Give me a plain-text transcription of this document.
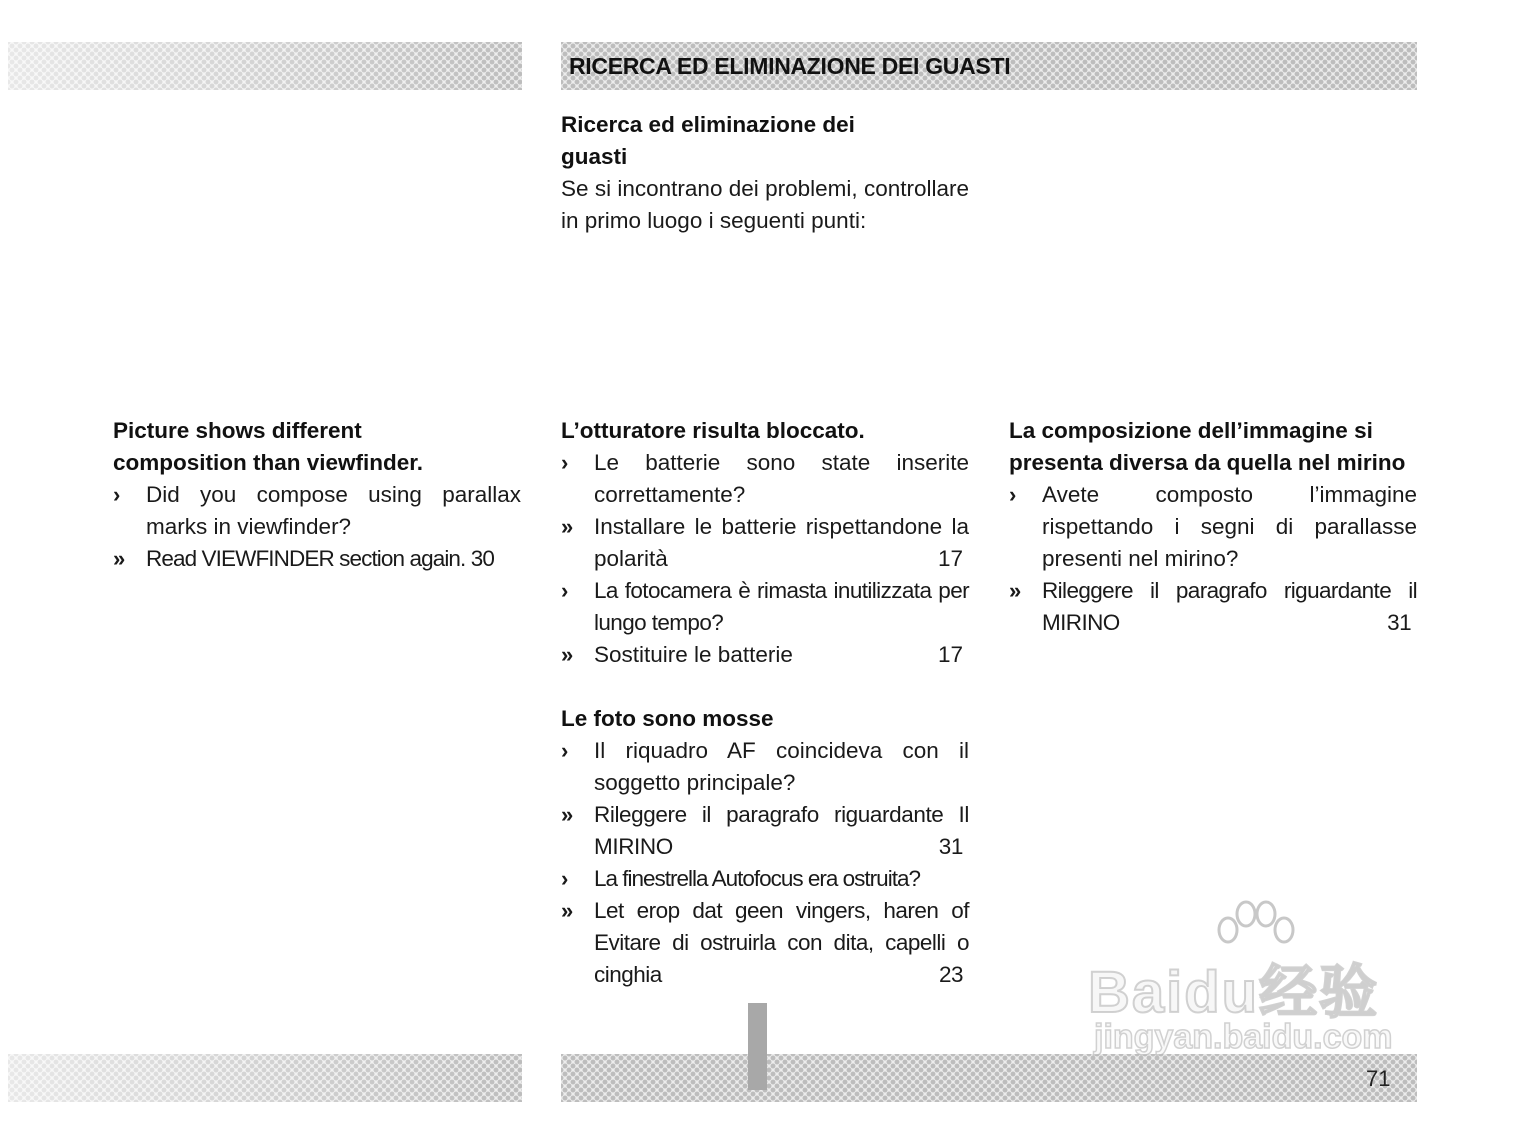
RICERCA ED ELIMINAZIONE DEI GUASTI
Ricerca ed eliminazione dei guasti
Se si incontrano dei problemi, controllare in primo luogo i seguenti punti:
Picture shows different composition than viewfinder.
› Did you compose using parallax marks in viewfinder?
» Read VIEWFINDER section again. 30
L’otturatore risulta bloccato.
› Le batterie sono state inserite correttamente?
» Installare le batterie rispettandone la polarità	17
› La fotocamera è rimasta inutilizzata per lungo tempo?
» Sostituire le batterie	17
Le foto sono mosse
› Il riquadro AF coincideva con il soggetto principale?
» Rileggere il paragrafo riguardante Il MIRINO	31
› La finestrella Autofocus era ostruita?
» Let erop dat geen vingers, haren of Evitare di ostruirla con dita, capelli o cinghia	23
La composizione dell’immagine si presenta diversa da quella nel mirino
› Avete composto l’immagine rispettando i segni di parallasse presenti nel mirino?
» Rileggere il paragrafo riguardante il MIRINO	31
Baidu经验
jingyan.baidu.com
71
